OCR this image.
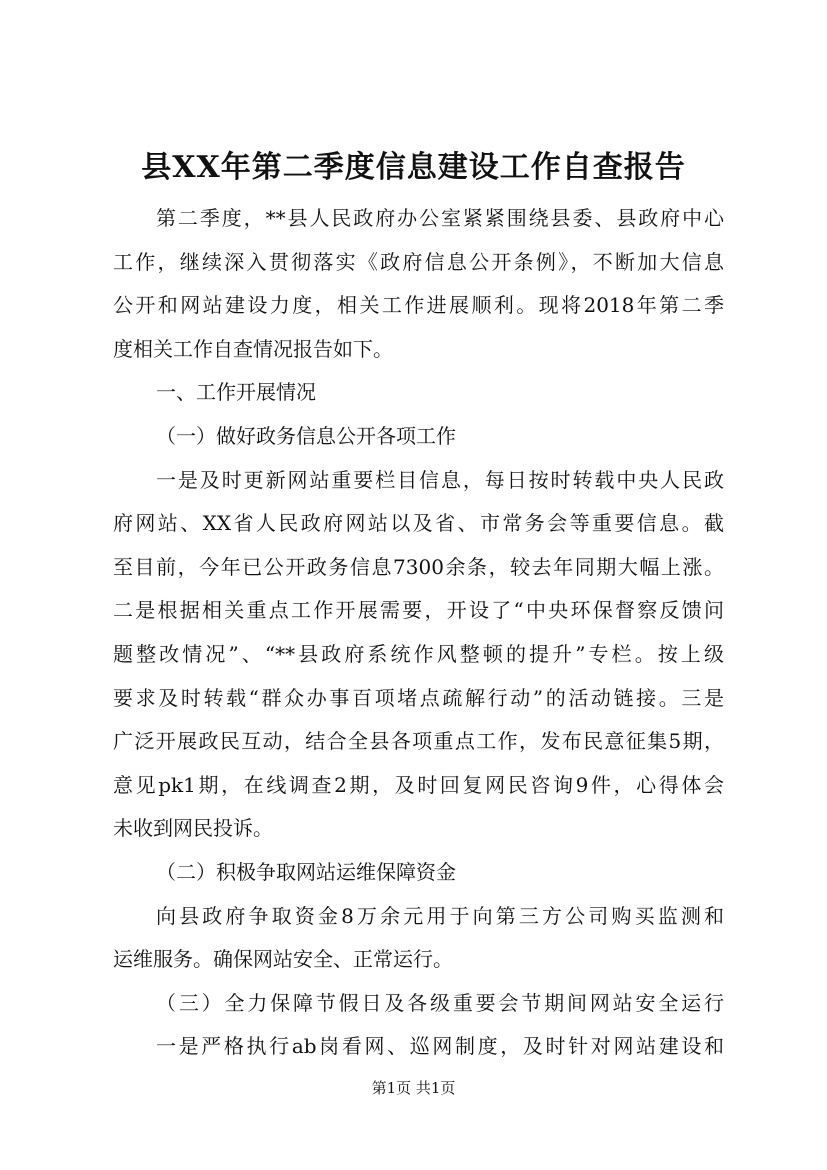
县XX年第二季度信息建设工作自查报告
第二季度，**县人民政府办公室紧紧围绕县委、县政府中心
工作，继续深入贯彻落实《政府信息公开条例》，不断加大信息
公开和网站建设力度，相关工作进展顺利。现将2018年第二季
度相关工作自查情况报告如下。
一、工作开展情况
（一）做好政务信息公开各项工作
一是及时更新网站重要栏目信息，每日按时转载中央人民政
府网站、XX省人民政府网站以及省、市常务会等重要信息。截
至目前，今年已公开政务信息7300余条，较去年同期大幅上涨。
二是根据相关重点工作开展需要，开设了“中央环保督察反馈问
题整改情况”、“**县政府系统作风整顿的提升”专栏。按上级
要求及时转载“群众办事百项堵点疏解行动”的活动链接。三是
广泛开展政民互动，结合全县各项重点工作，发布民意征集5期，
意见pk1期，在线调查2期，及时回复网民咨询9件，心得体会
未收到网民投诉。
（二）积极争取网站运维保障资金
向县政府争取资金8万余元用于向第三方公司购买监测和
运维服务。确保网站安全、正常运行。
（三）全力保障节假日及各级重要会节期间网站安全运行
一是严格执行ab岗看网、巡网制度，及时针对网站建设和
第1页 共1页
